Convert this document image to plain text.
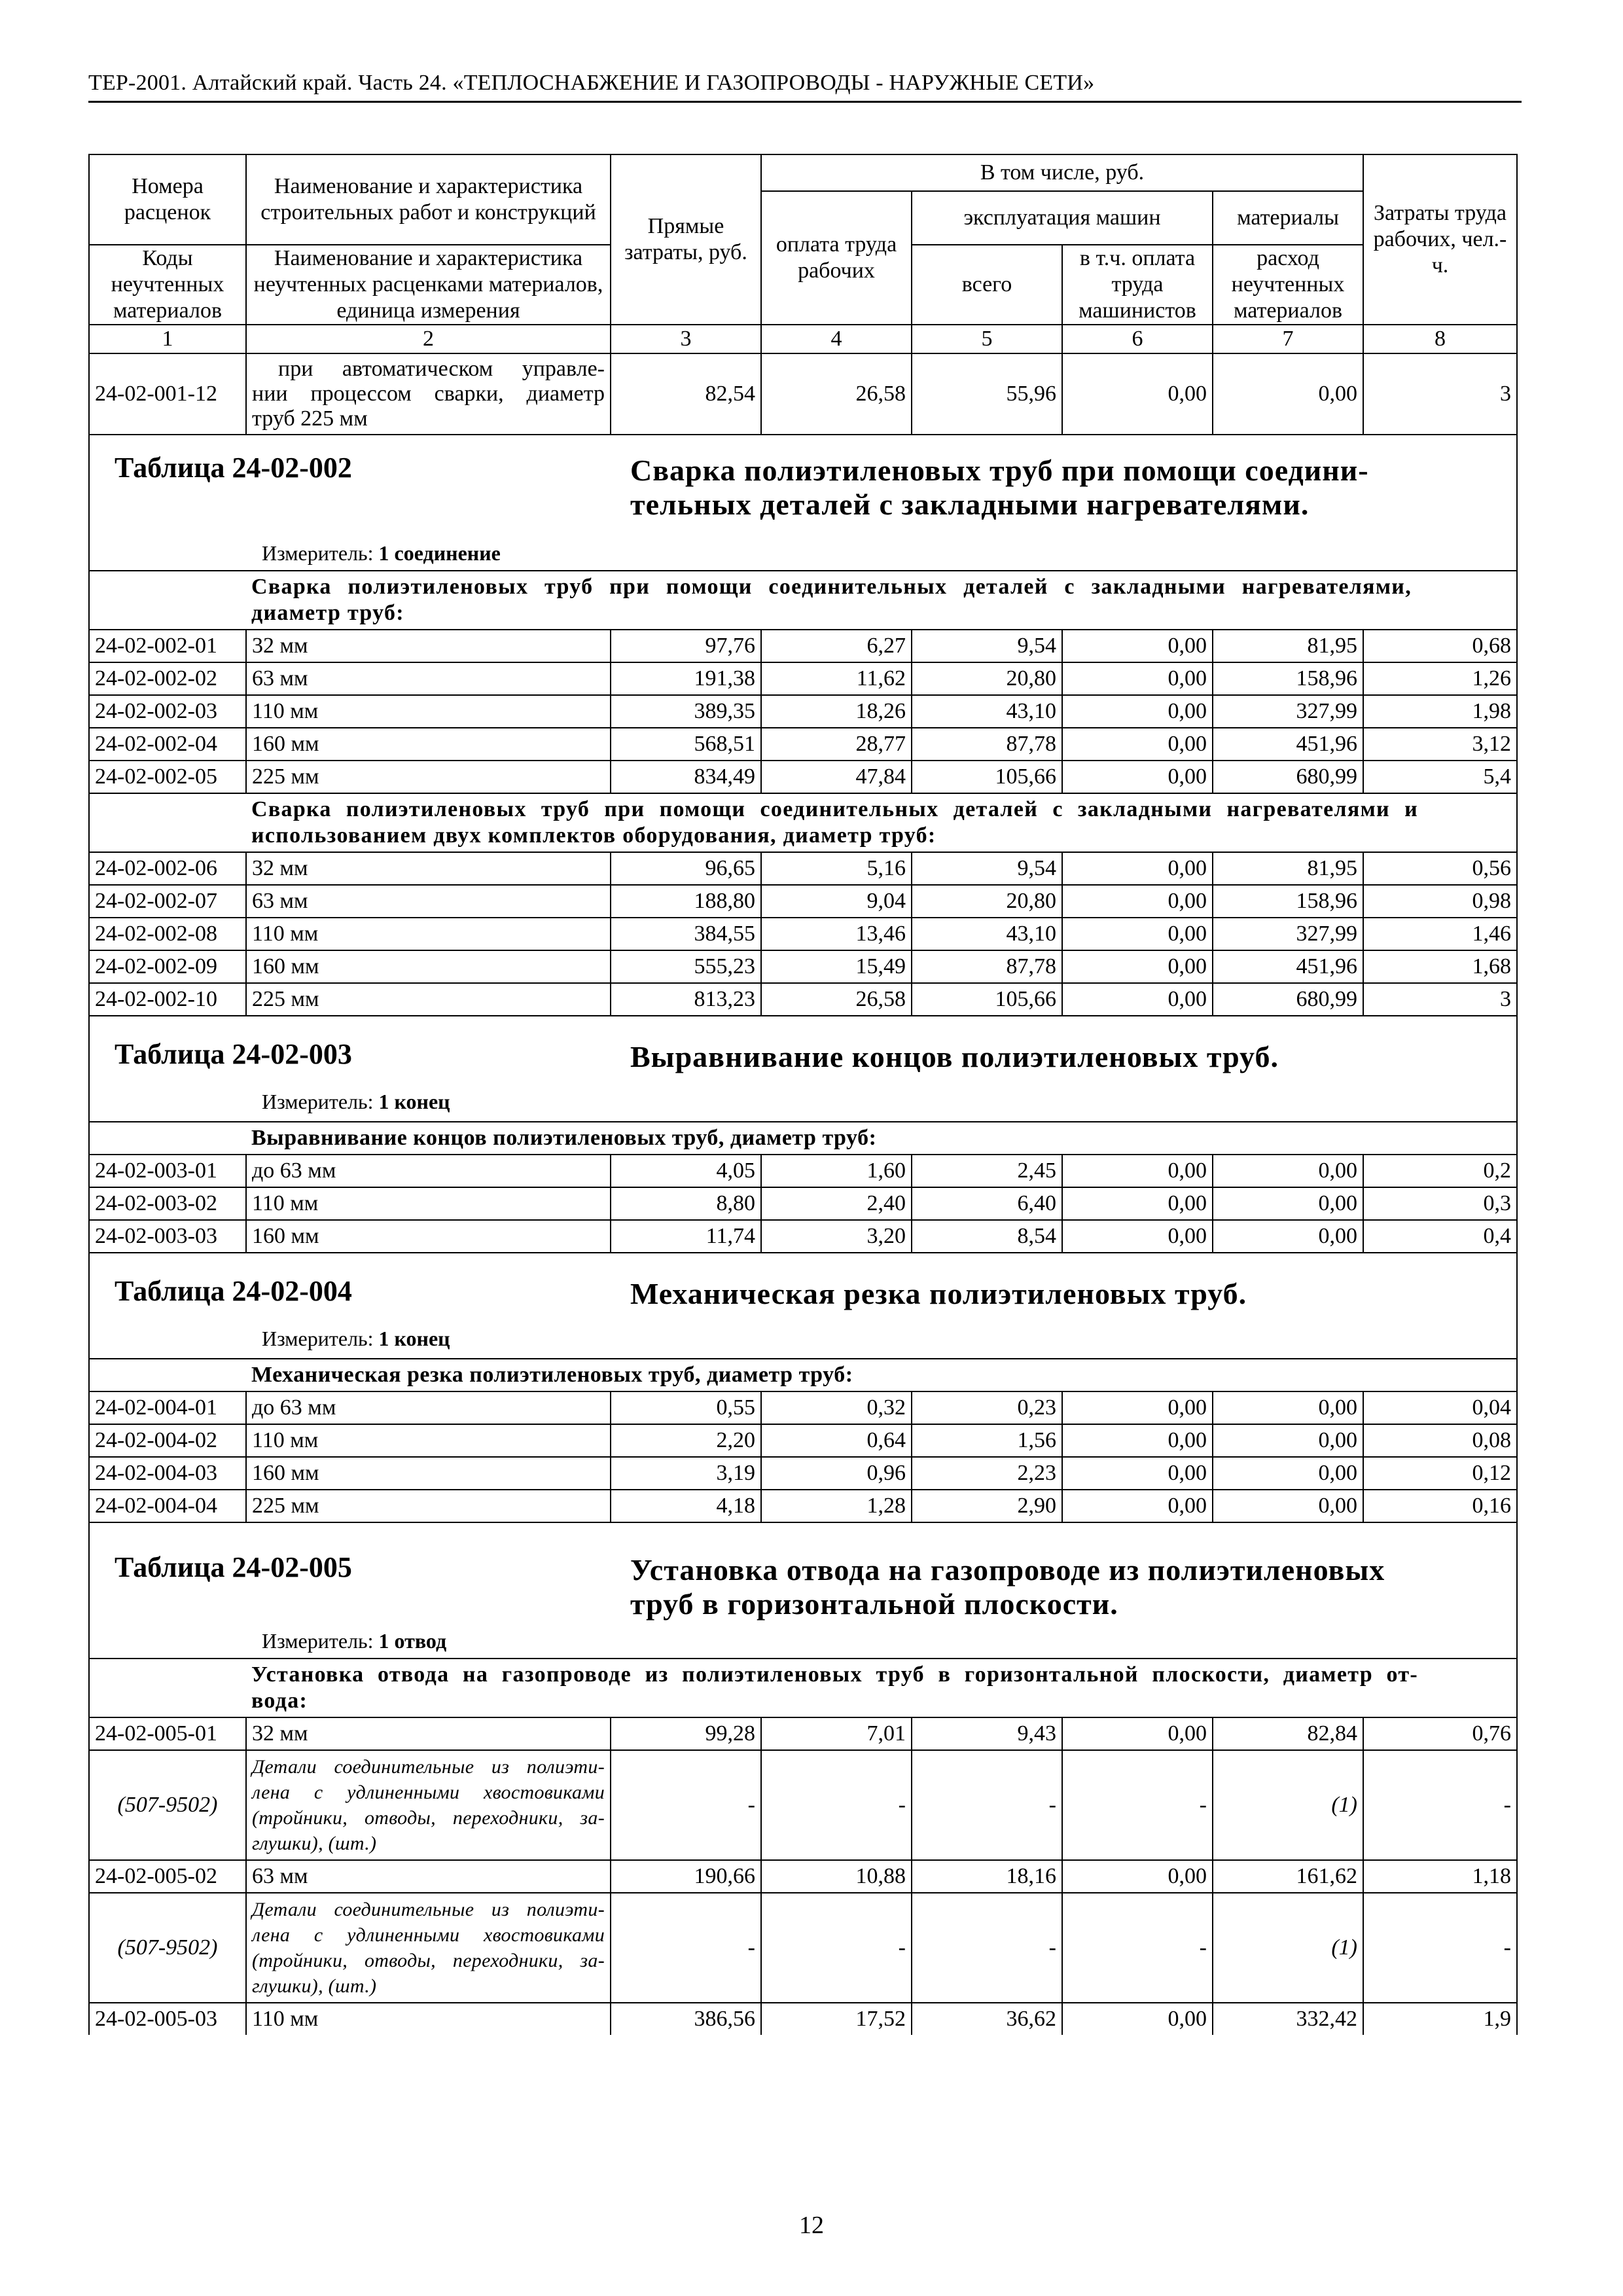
ТЕР-2001. Алтайский край. Часть 24. «ТЕПЛОСНАБЖЕНИЕ И ГАЗОПРОВОДЫ - НАРУЖНЫЕ СЕТИ»
Номера расценок	Наименование и характеристика строительных работ и конструкций	Прямые затраты, руб.	В том числе, руб.				Затраты труда рабочих, чел.-ч.
			оплата труда рабочих	эксплуатация машин		материалы	

Коды неучтенных материалов	Наименование и характеристика неучтенных расценками материалов, единица измерения			всего	в т.ч. оплата труда машинистов	расход неучтенных материалов	

1	2	3	4	5	6	7	8
24-02-001-12	при автоматическом управле-
нии процессом сварки, диаметр
труб 225 мм	82,54	26,58	55,96	0,00	0,00	3

Таблица 24-02-002 Сварка полиэтиленовых труб при помощи соедини-
тельных деталей с закладными нагревателями.
Измеритель: 1 соединение							

	Сварка полиэтиленовых труб при помощи соединительных деталей с закладными нагревателями, диаметр труб:						
24-02-002-01	32 мм	97,76	6,27	9,54	0,00	81,95	0,68
24-02-002-02	63 мм	191,38	11,62	20,80	0,00	158,96	1,26
24-02-002-03	110 мм	389,35	18,26	43,10	0,00	327,99	1,98
24-02-002-04	160 мм	568,51	28,77	87,78	0,00	451,96	3,12
24-02-002-05	225 мм	834,49	47,84	105,66	0,00	680,99	5,4
	Сварка полиэтиленовых труб при помощи соединительных деталей с закладными нагревателями и использованием двух комплектов оборудования, диаметр труб:						
24-02-002-06	32 мм	96,65	5,16	9,54	0,00	81,95	0,56
24-02-002-07	63 мм	188,80	9,04	20,80	0,00	158,96	0,98
24-02-002-08	110 мм	384,55	13,46	43,10	0,00	327,99	1,46
24-02-002-09	160 мм	555,23	15,49	87,78	0,00	451,96	1,68
24-02-002-10	225 мм	813,23	26,58	105,66	0,00	680,99	3

Таблица 24-02-003 Выравнивание концов полиэтиленовых труб.
Измеритель: 1 конец							

	Выравнивание концов полиэтиленовых труб, диаметр труб:						
24-02-003-01	до 63 мм	4,05	1,60	2,45	0,00	0,00	0,2
24-02-003-02	110 мм	8,80	2,40	6,40	0,00	0,00	0,3
24-02-003-03	160 мм	11,74	3,20	8,54	0,00	0,00	0,4

Таблица 24-02-004 Механическая резка полиэтиленовых труб.
Измеритель: 1 конец							

	Механическая резка полиэтиленовых труб, диаметр труб:						
24-02-004-01	до 63 мм	0,55	0,32	0,23	0,00	0,00	0,04
24-02-004-02	110 мм	2,20	0,64	1,56	0,00	0,00	0,08
24-02-004-03	160 мм	3,19	0,96	2,23	0,00	0,00	0,12
24-02-004-04	225 мм	4,18	1,28	2,90	0,00	0,00	0,16

Таблица 24-02-005 Установка отвода на газопроводе из полиэтиленовых
труб в горизонтальной плоскости.
Измеритель: 1 отвод							

	Установка отвода на газопроводе из полиэтиленовых труб в горизонтальной плоскости, диаметр от-
вода:						

24-02-005-01	32 мм	99,28	7,01	9,43	0,00	82,84	0,76
(507-9502)	Детали соединительные из полиэти-
лена с удлиненными хвостовиками
(тройники, отводы, переходники, за-
глушки), (шт.)	-	-	-	-	(1)	-
24-02-005-02	63 мм	190,66	10,88	18,16	0,00	161,62	1,18
(507-9502)	Детали соединительные из полиэти-
лена с удлиненными хвостовиками
(тройники, отводы, переходники, за-
глушки), (шт.)	-	-	-	-	(1)	-
24-02-005-03	110 мм	386,56	17,52	36,62	0,00	332,42	1,9
12
